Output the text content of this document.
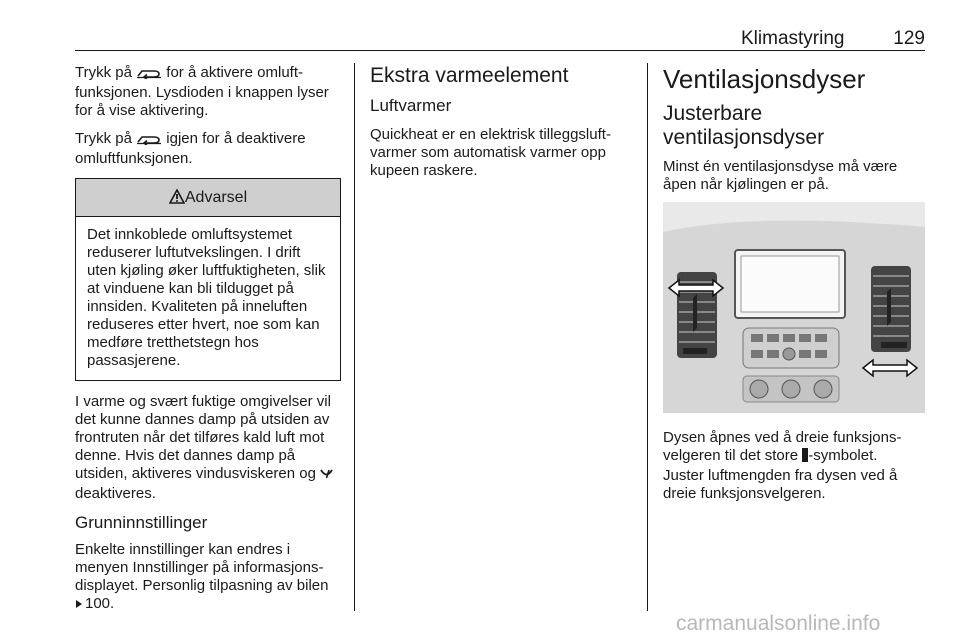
Klimastyring	129

Trykk på  for å aktivere omluftfunksjonen. Lysdioden i knappen lyser for å vise aktivering.

Trykk på  igjen for å deaktivere omluftfunksjonen.

Advarsel

Det innkoblede omluftsystemet reduserer luftutvekslingen. I drift uten kjøling øker luftfuktigheten, slik at vinduene kan bli tildugget på innsiden. Kvaliteten på inneluften reduseres etter hvert, noe som kan medføre tretthetstegn hos passasjerene.

I varme og svært fuktige omgivelser vil det kunne dannes damp på utsiden av frontruten når det tilføres kald luft mot denne. Hvis det dannes damp på utsiden, aktiveres vindusviskeren og  deaktiveres.

Grunninnstillinger

Enkelte innstillinger kan endres i menyen Innstillinger på informasjonsdisplayet. Personlig tilpasning av bilen 100.

Ekstra varmeelement
Luftvarmer

Quickheat er en elektrisk tilleggsluftvarmer som automatisk varmer opp kupeen raskere.

Ventilasjonsdyser
Justerbare ventilasjonsdyser

Minst én ventilasjonsdyse må være åpen når kjølingen er på.

Dysen åpnes ved å dreie funksjonsvelgeren til det store -symbolet.

Juster luftmengden fra dysen ved å dreie funksjonsvelgeren.

carmanualsonline.info
